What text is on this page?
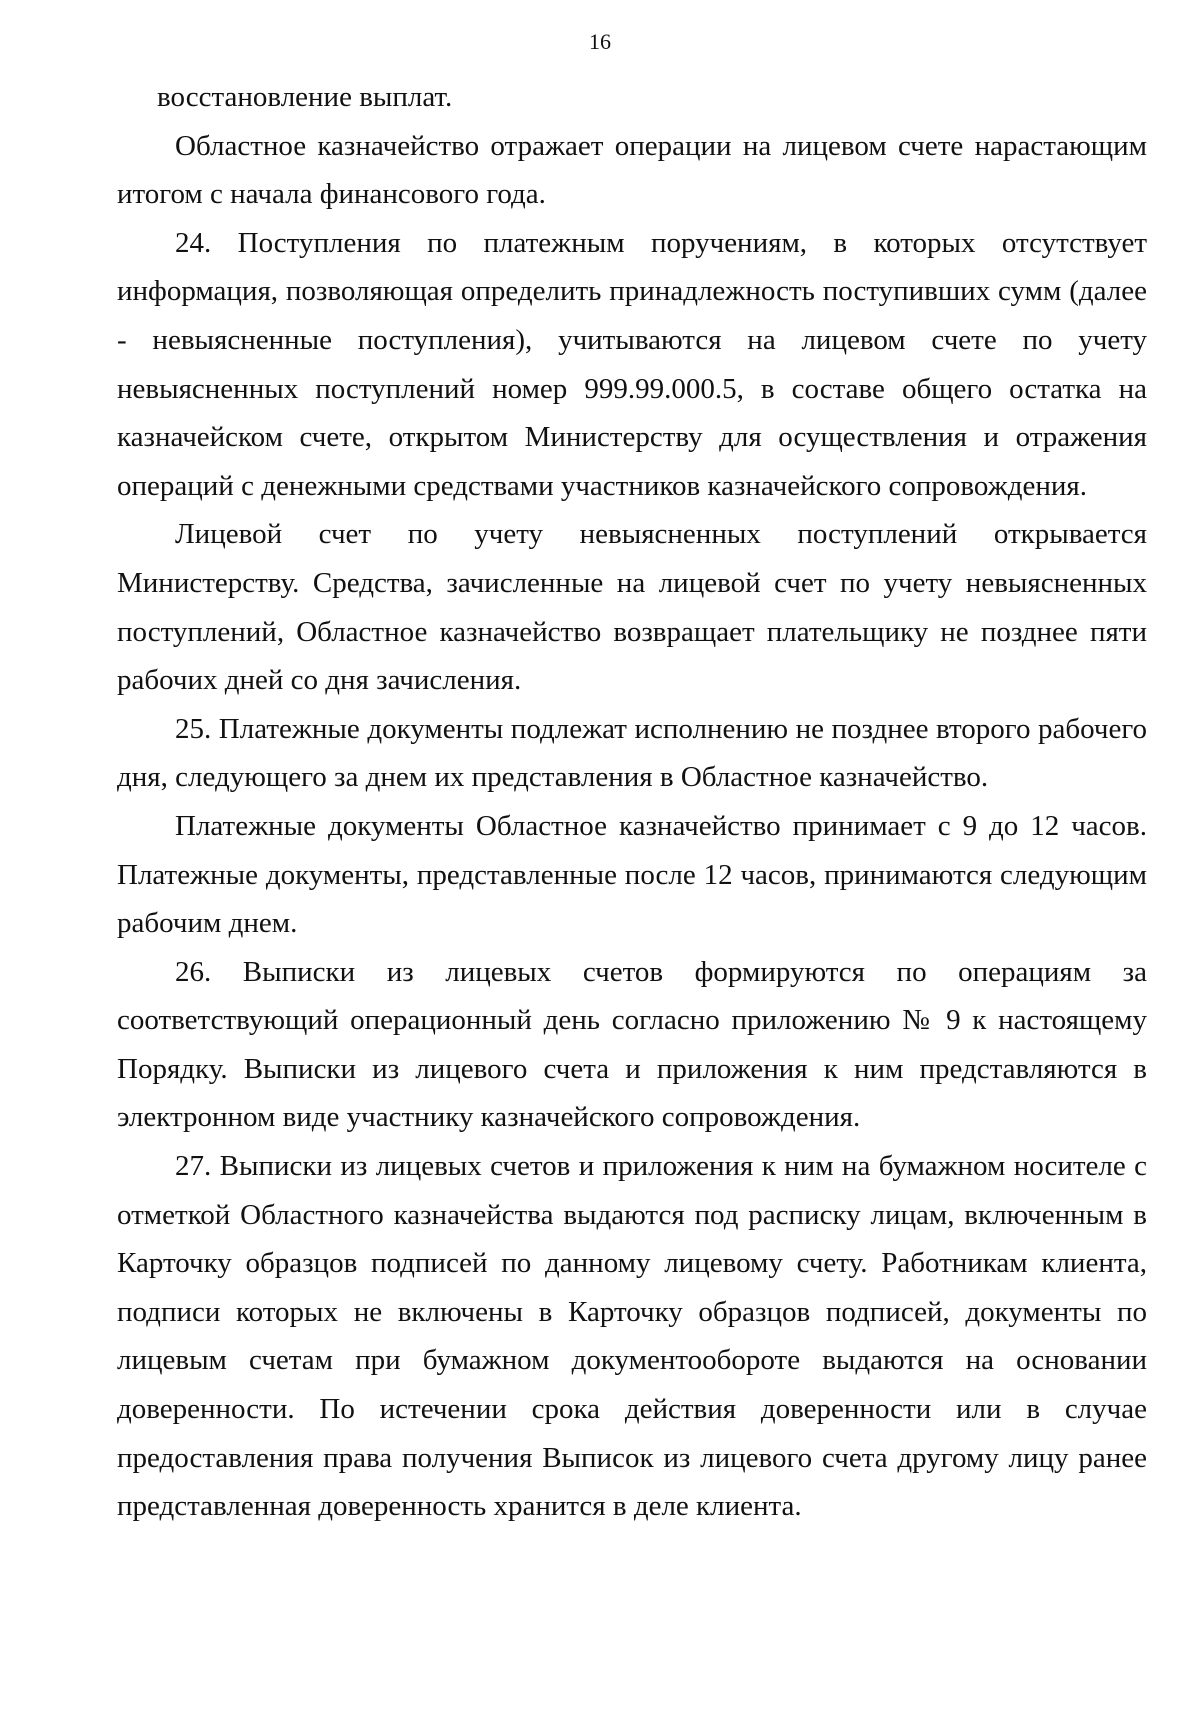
16

восстановление выплат.

Областное казначейство отражает операции на лицевом счете нарастающим итогом с начала финансового года.

24. Поступления по платежным поручениям, в которых отсутствует информация, позволяющая определить принадлежность поступивших сумм (далее - невыясненные поступления), учитываются на лицевом счете по учету невыясненных поступлений номер 999.99.000.5, в составе общего остатка на казначейском счете, открытом Министерству для осуществления и отражения операций с денежными средствами участников казначейского сопровождения.

Лицевой счет по учету невыясненных поступлений открывается Министерству. Средства, зачисленные на лицевой счет по учету невыясненных поступлений, Областное казначейство возвращает плательщику не позднее пяти рабочих дней со дня зачисления.

25. Платежные документы подлежат исполнению не позднее второго рабочего дня, следующего за днем их представления в Областное казначейство.

Платежные документы Областное казначейство принимает с 9 до 12 часов. Платежные документы, представленные после 12 часов, принимаются следующим рабочим днем.

26. Выписки из лицевых счетов формируются по операциям за соответствующий операционный день согласно приложению № 9 к настоящему Порядку. Выписки из лицевого счета и приложения к ним представляются в электронном виде участнику казначейского сопровождения.

27. Выписки из лицевых счетов и приложения к ним на бумажном носителе с отметкой Областного казначейства выдаются под расписку лицам, включенным в Карточку образцов подписей по данному лицевому счету. Работникам клиента, подписи которых не включены в Карточку образцов подписей, документы по лицевым счетам при бумажном документообороте выдаются на основании доверенности. По истечении срока действия доверенности или в случае предоставления права получения Выписок из лицевого счета другому лицу ранее представленная доверенность хранится в деле клиента.
